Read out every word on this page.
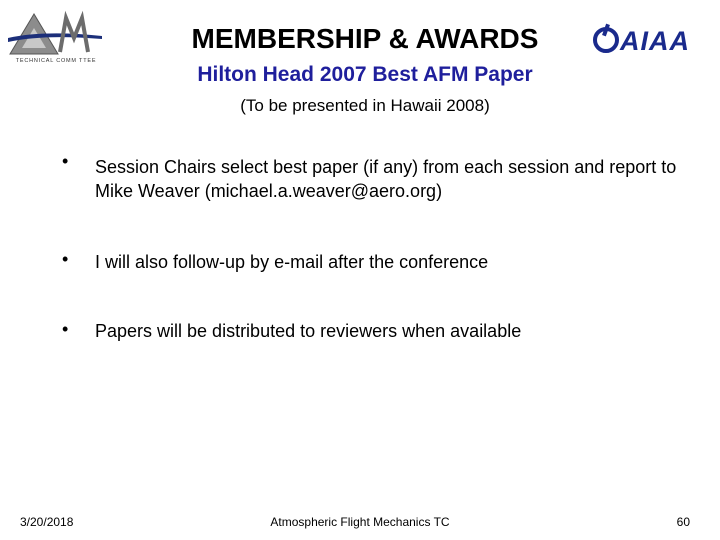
TECHNICAL COMM TTEE
AIAA
MEMBERSHIP & AWARDS
Hilton Head 2007 Best AFM Paper
(To be presented in Hawaii 2008)
• Session Chairs select best paper (if any) from each session and report to Mike Weaver (michael.a.weaver@aero.org)
• I will also follow-up by e-mail after the conference
• Papers will be distributed to reviewers when available
3/20/2018	Atmospheric Flight Mechanics TC	60
